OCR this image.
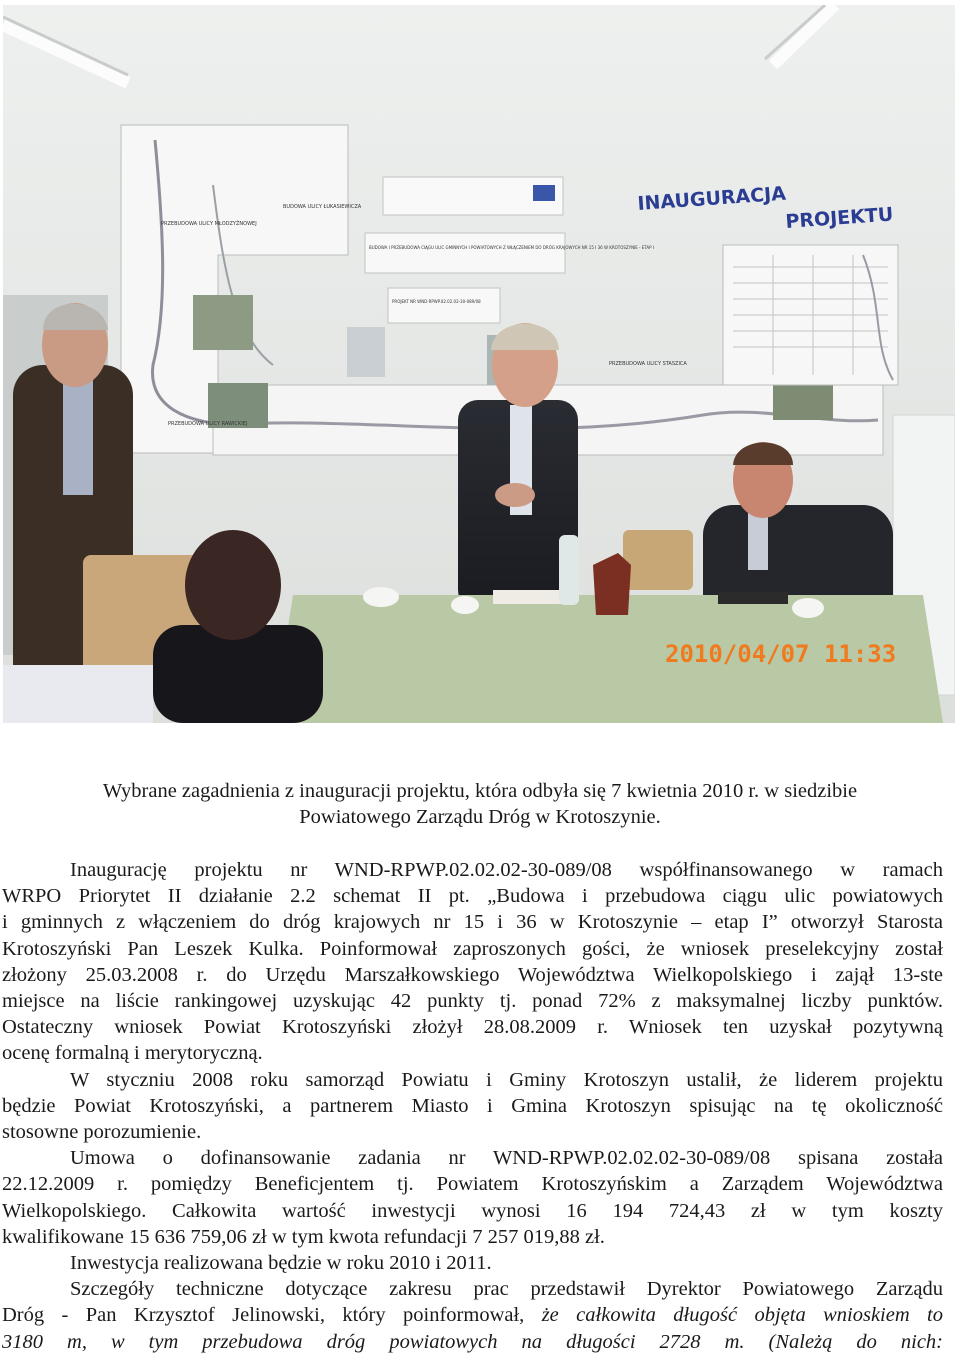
INAUGURACJA
PROJEKTU
PRZEBUDOWA ULICY MŁODZYŻNOWEJ
BUDOWA ULICY ŁUKASIEWICZA
BUDOWA I PRZEBUDOWA CIĄGU ULIC GMINNYCH I POWIATOWYCH Z WŁĄCZENIEM DO DRÓG KRAJOWYCH NR 15 I 36 W KROTOSZYNIE - ETAP I
PROJEKT NR WND-RPWP.02.02.02-30-089/08
PRZEBUDOWA ULICY STASZICA
PRZEBUDOWA ULICY RAWICKIEJ
2010/04/07 11:33
Wybrane zagadnienia z inauguracji projektu, która odbyła się 7 kwietnia 2010 r. w siedzibie
Powiatowego Zarządu Dróg w Krotoszynie.

Inaugurację projektu nr WND-RPWP.02.02.02-30-089/08 współfinansowanego w ramach

WRPO Priorytet II działanie 2.2 schemat II pt. „Budowa i przebudowa ciągu ulic powiatowych

i gminnych z włączeniem do dróg krajowych nr 15 i 36 w Krotoszynie – etap I” otworzył Starosta

Krotoszyński Pan Leszek Kulka. Poinformował zaproszonych gości, że wniosek preselekcyjny został

złożony 25.03.2008 r. do Urzędu Marszałkowskiego Województwa Wielkopolskiego i zajął 13-ste

miejsce na liście rankingowej uzyskując 42 punkty tj. ponad 72% z maksymalnej liczby punktów.

Ostateczny wniosek Powiat Krotoszyński złożył 28.08.2009 r. Wniosek ten uzyskał pozytywną

ocenę formalną i merytoryczną.

W styczniu 2008 roku samorząd Powiatu i Gminy Krotoszyn ustalił, że liderem projektu

będzie Powiat Krotoszyński, a partnerem Miasto i Gmina Krotoszyn spisując na tę okoliczność

stosowne porozumienie.

Umowa o dofinansowanie zadania nr WND-RPWP.02.02.02-30-089/08 spisana została

22.12.2009 r. pomiędzy Beneficjentem tj. Powiatem Krotoszyńskim a Zarządem Województwa

Wielkopolskiego. Całkowita wartość inwestycji wynosi 16 194 724,43 zł w tym koszty

kwalifikowane 15 636 759,06 zł w tym kwota refundacji 7 257 019,88 zł.

Inwestycja realizowana będzie w roku 2010 i 2011.

Szczegóły techniczne dotyczące zakresu prac przedstawił Dyrektor Powiatowego Zarządu

Dróg - Pan Krzysztof Jelinowski, który poinformował, że całkowita długość objęta wnioskiem to

3180 m, w tym przebudowa dróg powiatowych na długości 2728 m. (Należą do nich:
